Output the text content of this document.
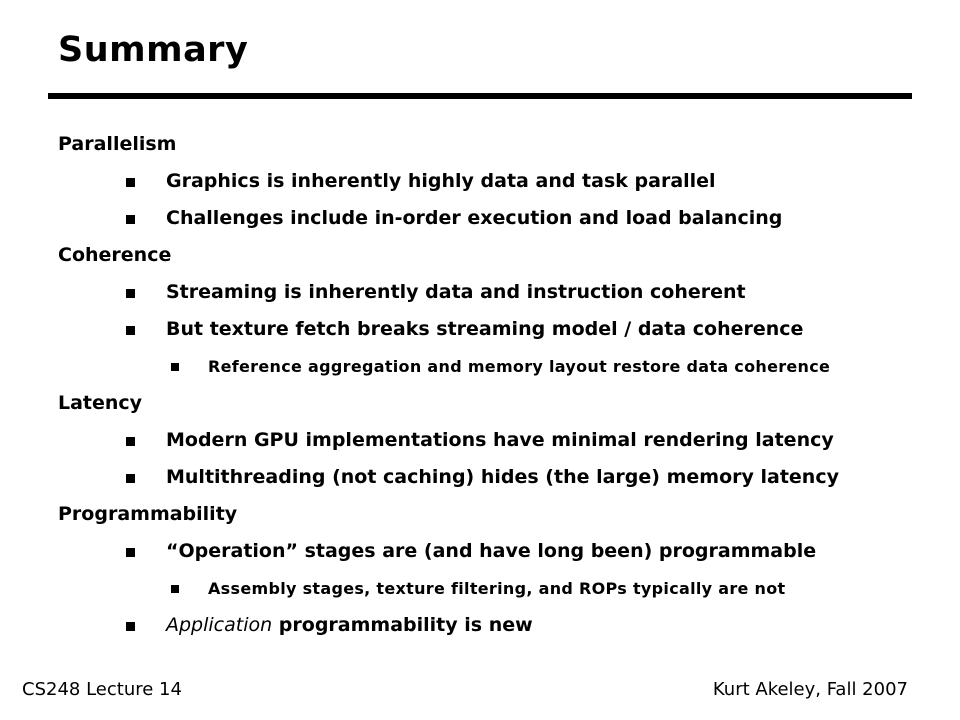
Summary
Parallelism
Graphics is inherently highly data and task parallel
Challenges include in-order execution and load balancing
Coherence
Streaming is inherently data and instruction coherent
But texture fetch breaks streaming model / data coherence
Reference aggregation and memory layout restore data coherence
Latency
Modern GPU implementations have minimal rendering latency
Multithreading (not caching) hides (the large) memory latency
Programmability
“Operation” stages are (and have long been) programmable
Assembly stages, texture filtering, and ROPs typically are not
Application programmability is new
CS248 Lecture 14	Kurt Akeley, Fall 2007
